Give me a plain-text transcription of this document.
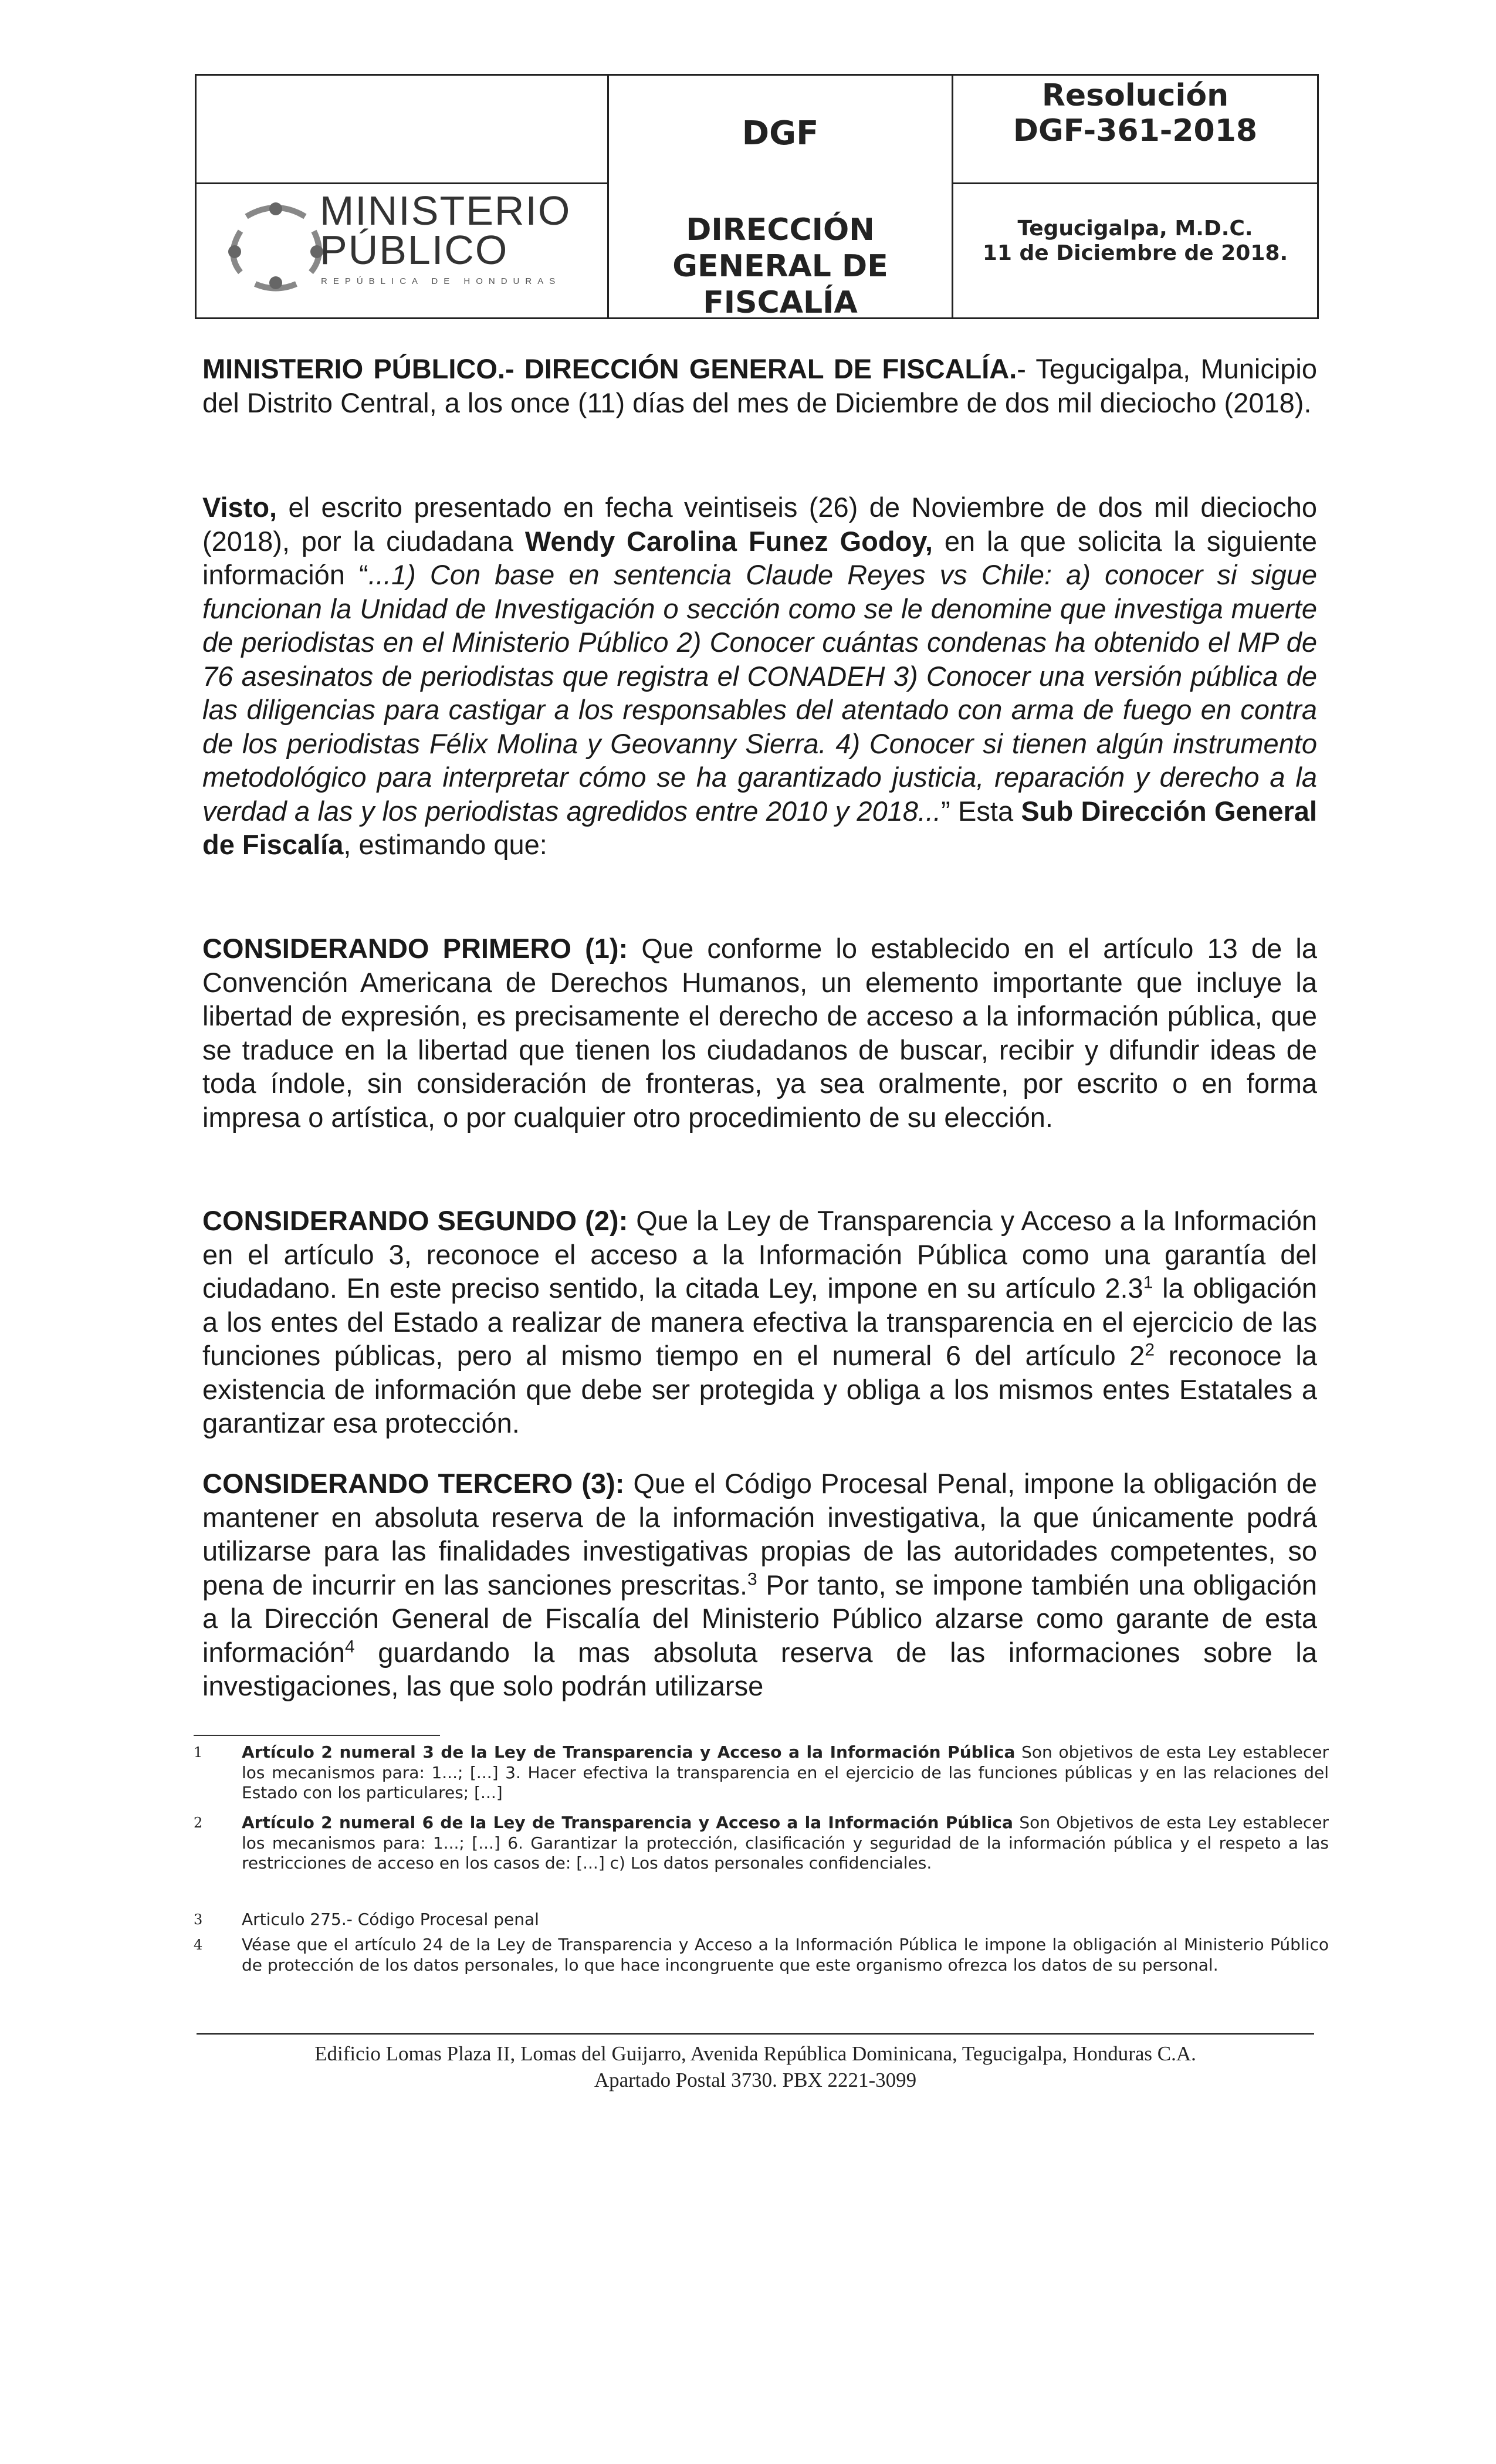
MINISTERIO
PÚBLICO
REPÚBLICA DE HONDURAS
DGF
DIRECCIÓN
GENERAL DE
FISCALÍA
Resolución
DGF-361-2018
Tegucigalpa, M.D.C.
11 de Diciembre de 2018.
MINISTERIO PÚBLICO.- DIRECCIÓN GENERAL DE FISCALÍA.- Tegucigalpa, Municipio del Distrito Central, a los once (11) días del mes de Diciembre de dos mil dieciocho (2018).
Visto, el escrito presentado en fecha veintiseis (26) de Noviembre de dos mil dieciocho (2018), por la ciudadana Wendy Carolina Funez Godoy, en la que solicita la siguiente información “...1) Con base en sentencia Claude Reyes vs Chile: a) conocer si sigue funcionan la Unidad de Investigación o sección como se le denomine que investiga muerte de periodistas en el Ministerio Público 2) Conocer cuántas condenas ha obtenido el MP de 76 asesinatos de periodistas que registra el CONADEH 3) Conocer una versión pública de las diligencias para castigar a los responsables del atentado con arma de fuego en contra de los periodistas Félix Molina y Geovanny Sierra. 4) Conocer si tienen algún instrumento metodológico para interpretar cómo se ha garantizado justicia, reparación y derecho a la verdad a las y los periodistas agredidos entre 2010 y 2018...” Esta Sub Dirección General de Fiscalía, estimando que:
CONSIDERANDO PRIMERO (1): Que conforme lo establecido en el artículo 13 de la Convención Americana de Derechos Humanos, un elemento importante que incluye la libertad de expresión, es precisamente el derecho de acceso a la información pública, que se traduce en la libertad que tienen los ciudadanos de buscar, recibir y difundir ideas de toda índole, sin consideración de fronteras, ya sea oralmente, por escrito o en forma impresa o artística, o por cualquier otro procedimiento de su elección.
CONSIDERANDO SEGUNDO (2): Que la Ley de Transparencia y Acceso a la Información en el artículo 3, reconoce el acceso a la Información Pública como una garantía del ciudadano. En este preciso sentido, la citada Ley, impone en su artículo $2.3^1$ la obligación a los entes del Estado a realizar de manera efectiva la transparencia en el ejercicio de las funciones públicas, pero al mismo tiempo en el numeral 6 del artículo $2^2$ reconoce la existencia de información que debe ser protegida y obliga a los mismos entes Estatales a garantizar esa protección.
CONSIDERANDO TERCERO (3): Que el Código Procesal Penal, impone la obligación de mantener en absoluta reserva de la información investigativa, la que únicamente podrá utilizarse para las finalidades investigativas propias de las autoridades competentes, so pena de incurrir en las sanciones prescritas.$^3$ Por tanto, se impone también una obligación a la Dirección General de Fiscalía del Ministerio Público alzarse como garante de esta información$^4$ guardando la mas absoluta reserva de las informaciones sobre la investigaciones, las que solo podrán utilizarse
1 Artículo 2 numeral 3 de la Ley de Transparencia y Acceso a la Información Pública Son objetivos de esta Ley establecer los mecanismos para: 1...; [...] 3. Hacer efectiva la transparencia en el ejercicio de las funciones públicas y en las relaciones del Estado con los particulares; [...]
2 Artículo 2 numeral 6 de la Ley de Transparencia y Acceso a la Información Pública Son Objetivos de esta Ley establecer los mecanismos para: 1...; [...] 6. Garantizar la protección, clasificación y seguridad de la información pública y el respeto a las restricciones de acceso en los casos de: [...] c) Los datos personales confidenciales.
3 Articulo 275.- Código Procesal penal
4 Véase que el artículo 24 de la Ley de Transparencia y Acceso a la Información Pública le impone la obligación al Ministerio Público de protección de los datos personales, lo que hace incongruente que este organismo ofrezca los datos de su personal.
Edificio Lomas Plaza II, Lomas del Guijarro, Avenida República Dominicana, Tegucigalpa, Honduras C.A.
Apartado Postal 3730. PBX 2221-3099
